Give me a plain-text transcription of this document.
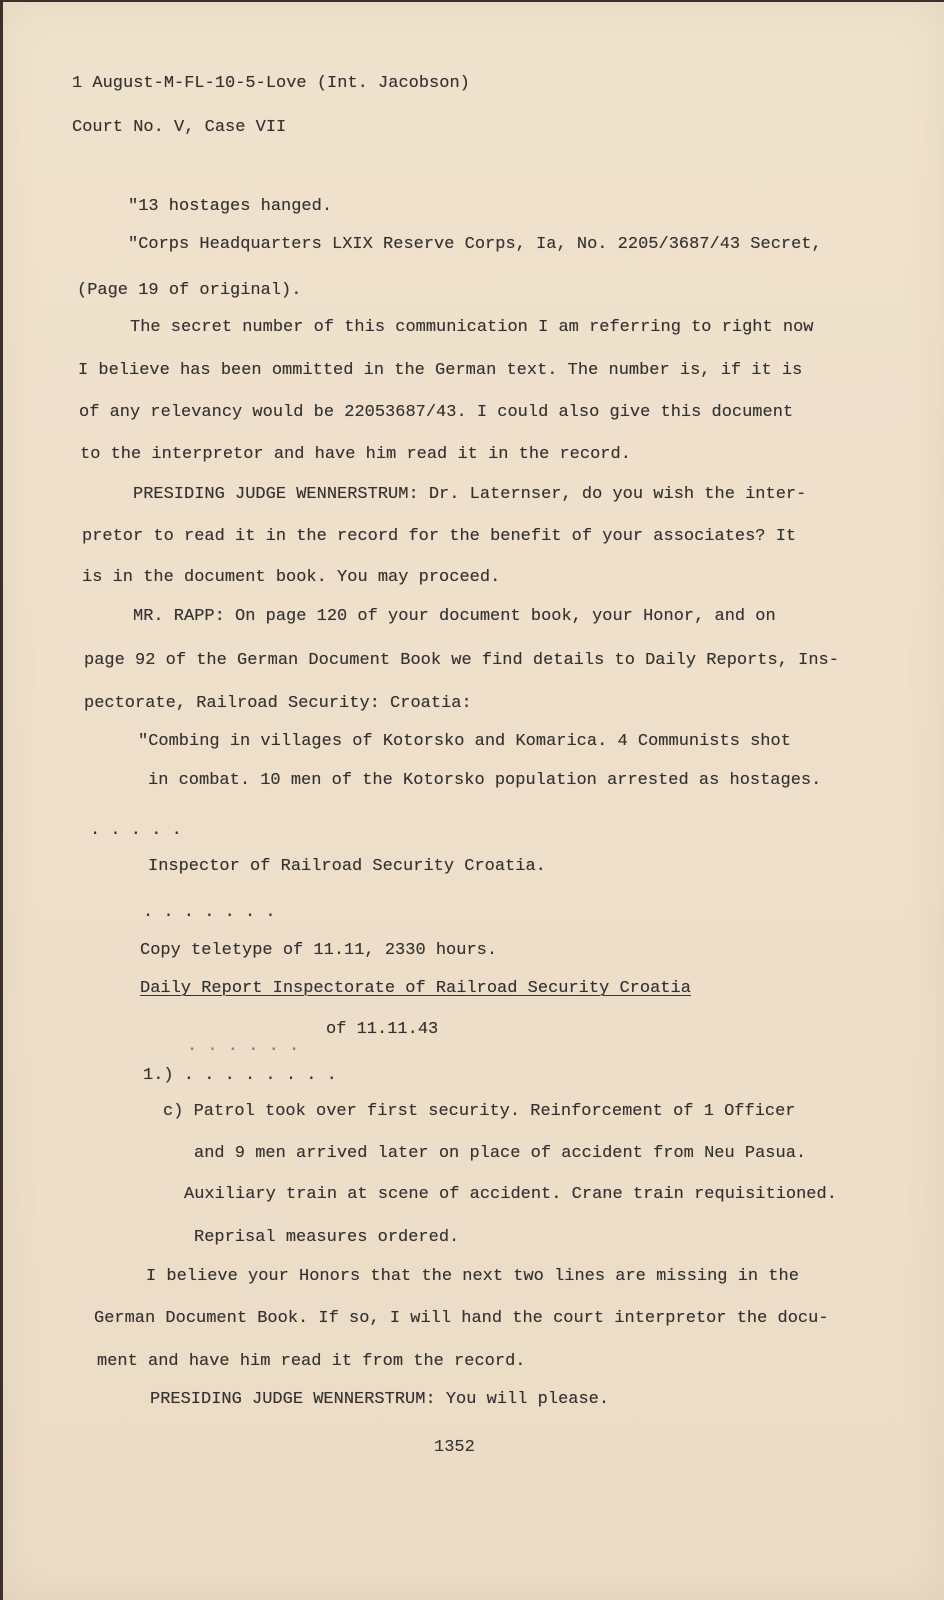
1 August-M-FL-10-5-Love (Int. Jacobson)
Court No. V, Case VII
"13 hostages hanged.
"Corps Headquarters LXIX Reserve Corps, Ia, No. 2205/3687/43 Secret,
(Page 19 of original).
The secret number of this communication I am referring to right now
I believe has been ommitted in the German text. The number is, if it is
of any relevancy would be 22053687/43. I could also give this document
to the interpretor and have him read it in the record.
PRESIDING JUDGE WENNERSTRUM: Dr. Laternser, do you wish the inter-
pretor to read it in the record for the benefit of your associates? It
is in the document book. You may proceed.
MR. RAPP: On page 120 of your document book, your Honor, and on
page 92 of the German Document Book we find details to Daily Reports, Ins-
pectorate, Railroad Security: Croatia:
"Combing in villages of Kotorsko and Komarica. 4 Communists shot
in combat. 10 men of the Kotorsko population arrested as hostages.
. . . . .
Inspector of Railroad Security Croatia.
. . . . . . .
Copy teletype of 11.11, 2330 hours.
Daily Report Inspectorate of Railroad Security Croatia
of 11.11.43
. . . . . .
1.) . . . . . . . .
c) Patrol took over first security. Reinforcement of 1 Officer
and 9 men arrived later on place of accident from Neu Pasua.
Auxiliary train at scene of accident. Crane train requisitioned.
Reprisal measures ordered.
I believe your Honors that the next two lines are missing in the
German Document Book. If so, I will hand the court interpretor the docu-
ment and have him read it from the record.
PRESIDING JUDGE WENNERSTRUM: You will please.
1352
